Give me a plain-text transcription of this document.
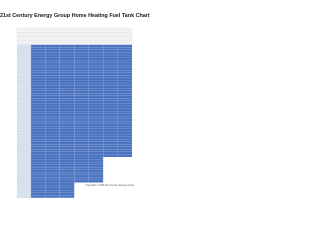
21st Century Energy Group Home Heating Fuel Tank Chart
Copyright © 2020 21st Century Energy Group
